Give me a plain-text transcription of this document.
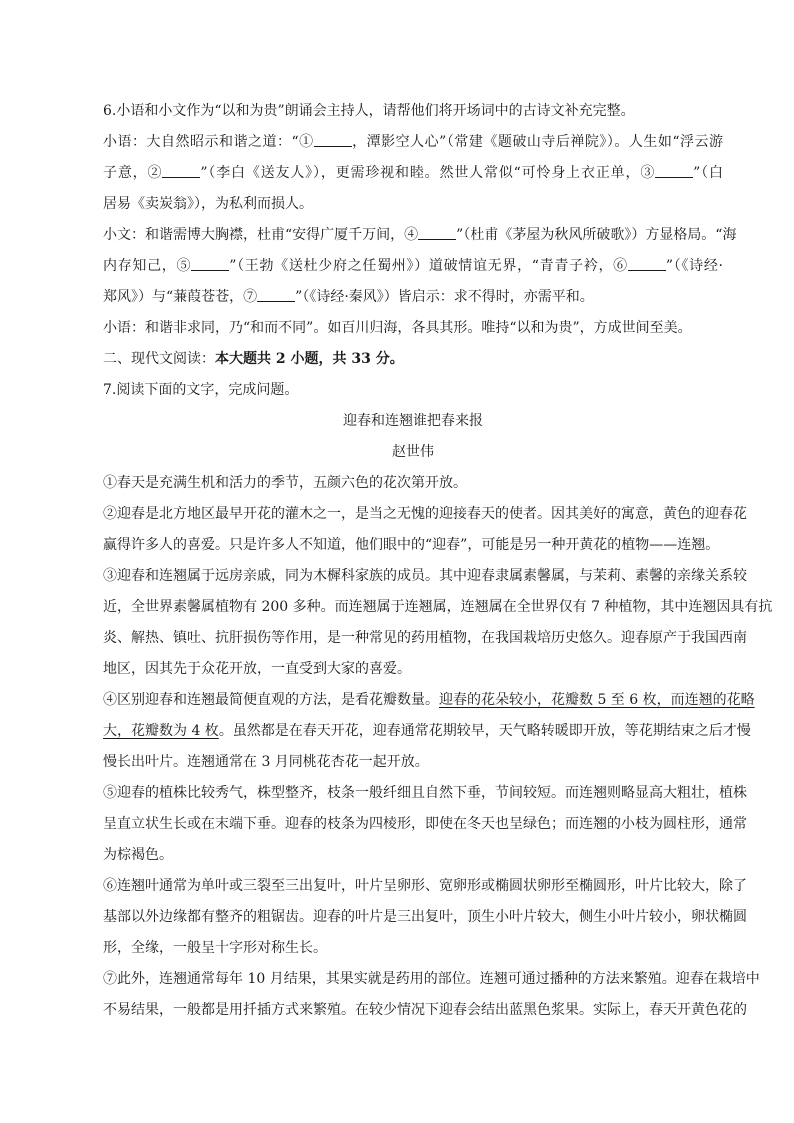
6.小语和小文作为“以和为贵”朗诵会主持人，请帮他们将开场词中的古诗文补充完整。
小语：大自然昭示和谐之道：“①	，潭影空人心”（常建《题破山寺后禅院》）。人生如“浮云游
子意，②	”（李白《送友人》），更需珍视和睦。然世人常似“可怜身上衣正单，③	”（白
居易《卖炭翁》），为私利而损人。
小文：和谐需博大胸襟，杜甫“安得广厦千万间，④	”（杜甫《茅屋为秋风所破歌》）方显格局。“海
内存知己，⑤	”（王勃《送杜少府之任蜀州》）道破情谊无界，“青青子衿，⑥	”（《诗经·
郑风》）与“蒹葭苍苍，⑦	”（《诗经·秦风》）皆启示：求不得时，亦需平和。
小语：和谐非求同，乃“和而不同”。如百川归海，各具其形。唯持“以和为贵”，方成世间至美。
二、现代文阅读：本大题共 2 小题，共 33 分。
7.阅读下面的文字，完成问题。
迎春和连翘谁把春来报
赵世伟
①春天是充满生机和活力的季节，五颜六色的花次第开放。
②迎春是北方地区最早开花的灌木之一，是当之无愧的迎接春天的使者。因其美好的寓意，黄色的迎春花
赢得许多人的喜爱。只是许多人不知道，他们眼中的“迎春”，可能是另一种开黄花的植物——连翘。
③迎春和连翘属于远房亲戚，同为木樨科家族的成员。其中迎春隶属素馨属，与茉莉、素馨的亲缘关系较
近，全世界素馨属植物有 200 多种。而连翘属于连翘属，连翘属在全世界仅有 7 种植物，其中连翘因具有抗
炎、解热、镇吐、抗肝损伤等作用，是一种常见的药用植物，在我国栽培历史悠久。迎春原产于我国西南
地区，因其先于众花开放，一直受到大家的喜爱。
④区别迎春和连翘最简便直观的方法，是看花瓣数量。迎春的花朵较小，花瓣数 5 至 6 枚，而连翘的花略
大，花瓣数为 4 枚。虽然都是在春天开花，迎春通常花期较早，天气略转暖即开放，等花期结束之后才慢
慢长出叶片。连翘通常在 3 月同桃花杏花一起开放。
⑤迎春的植株比较秀气，株型整齐，枝条一般纤细且自然下垂，节间较短。而连翘则略显高大粗壮，植株
呈直立状生长或在末端下垂。迎春的枝条为四棱形，即使在冬天也呈绿色；而连翘的小枝为圆柱形，通常
为棕褐色。
⑥连翘叶通常为单叶或三裂至三出复叶，叶片呈卵形、宽卵形或椭圆状卵形至椭圆形，叶片比较大，除了
基部以外边缘都有整齐的粗锯齿。迎春的叶片是三出复叶，顶生小叶片较大，侧生小叶片较小，卵状椭圆
形，全缘，一般呈十字形对称生长。
⑦此外，连翘通常每年 10 月结果，其果实就是药用的部位。连翘可通过播种的方法来繁殖。迎春在栽培中
不易结果，一般都是用扦插方式来繁殖。在较少情况下迎春会结出蓝黑色浆果。实际上，春天开黄色花的
